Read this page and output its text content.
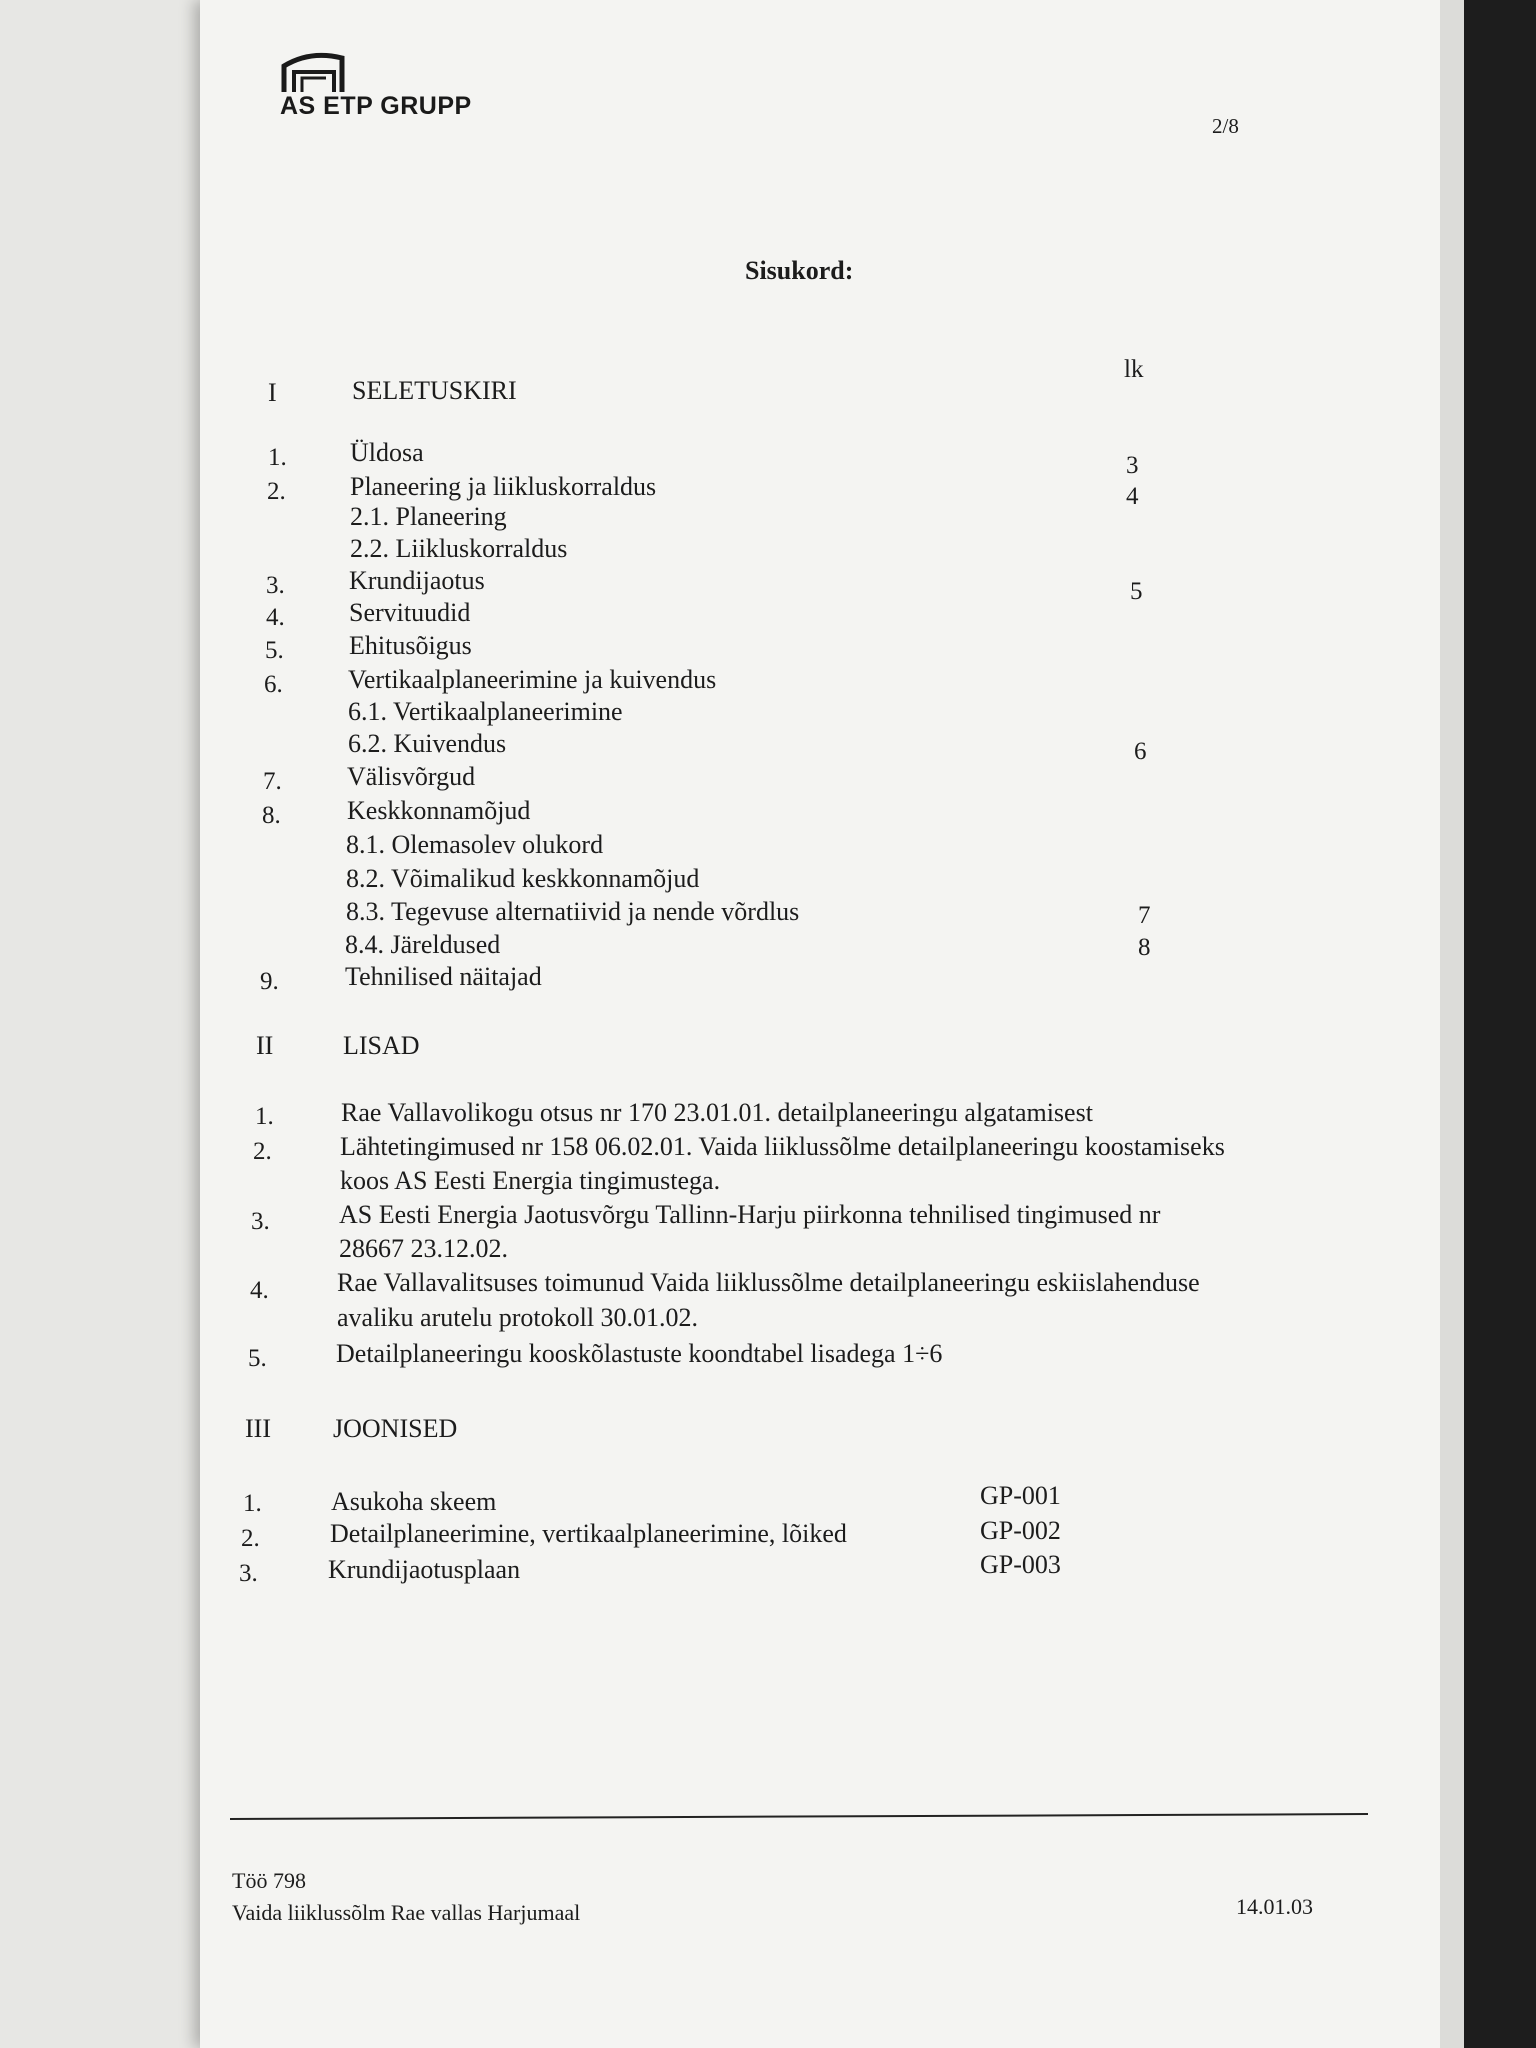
AS ETP GRUPP
2/8
Sisukord:
lk
I	SELETUSKIRI
1. Üldosa	3
2. Planeering ja liikluskorraldus	4
2.1. Planeering
2.2. Liikluskorraldus
3. Krundijaotus	5
4. Servituudid
5.	Ehitusõigus
6.	Vertikaalplaneerimine ja kuivendus
6.1. Vertikaalplaneerimine
6.2. Kuivendus	6
7.	Välisvõrgud
8.	Keskkonnamõjud
8.1. Olemasolev olukord
8.2. Võimalikud keskkonnamõjud
8.3. Tegevuse alternatiivid ja nende võrdlus	7
8.4. Järeldused	8
9.	Tehnilised näitajad
II	LISAD
1.	Rae Vallavolikogu otsus nr 170 23.01.01. detailplaneeringu algatamisest
2.	Lähtetingimused nr 158 06.02.01. Vaida liiklussõlme detailplaneeringu koostamiseks
koos AS Eesti Energia tingimustega.
3.	AS Eesti Energia Jaotusvõrgu Tallinn-Harju piirkonna tehnilised tingimused nr
28667 23.12.02.
4.	Rae Vallavalitsuses toimunud Vaida liiklussõlme detailplaneeringu eskiislahenduse
avaliku arutelu protokoll 30.01.02.
5.	Detailplaneeringu kooskõlastuste koondtabel lisadega 1÷6
III JOONISED
1.	Asukoha skeem	GP-001
2.	Detailplaneerimine, vertikaalplaneerimine, lõiked	GP-002
3.	Krundijaotusplaan	GP-003
Töö 798
Vaida liiklussõlm Rae vallas Harjumaal	14.01.03
